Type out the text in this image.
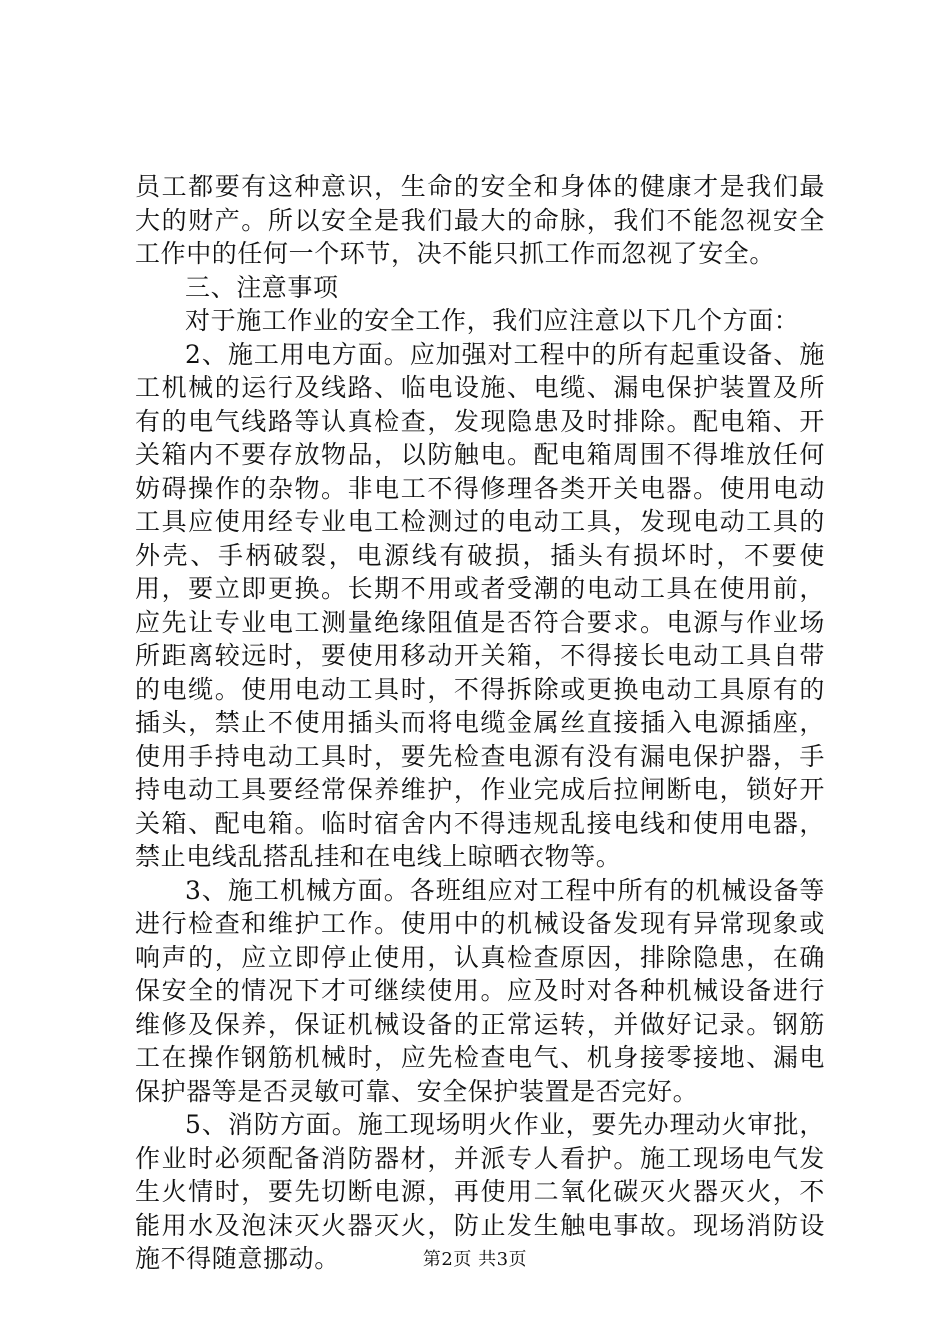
员工都要有这种意识，生命的安全和身体的健康才是我们最大的财产。所以安全是我们最大的命脉，我们不能忽视安全工作中的任何一个环节，决不能只抓工作而忽视了安全。

三、注意事项

对于施工作业的安全工作，我们应注意以下几个方面：

2、施工用电方面。应加强对工程中的所有起重设备、施工机械的运行及线路、临电设施、电缆、漏电保护装置及所有的电气线路等认真检查，发现隐患及时排除。配电箱、开关箱内不要存放物品，以防触电。配电箱周围不得堆放任何妨碍操作的杂物。非电工不得修理各类开关电器。使用电动工具应使用经专业电工检测过的电动工具，发现电动工具的外壳、手柄破裂，电源线有破损，插头有损坏时，不要使用，要立即更换。长期不用或者受潮的电动工具在使用前，应先让专业电工测量绝缘阻值是否符合要求。电源与作业场所距离较远时，要使用移动开关箱，不得接长电动工具自带的电缆。使用电动工具时，不得拆除或更换电动工具原有的插头，禁止不使用插头而将电缆金属丝直接插入电源插座，使用手持电动工具时，要先检查电源有没有漏电保护器，手持电动工具要经常保养维护，作业完成后拉闸断电，锁好开关箱、配电箱。临时宿舍内不得违规乱接电线和使用电器，禁止电线乱搭乱挂和在电线上晾晒衣物等。

3、施工机械方面。各班组应对工程中所有的机械设备等进行检查和维护工作。使用中的机械设备发现有异常现象或响声的，应立即停止使用，认真检查原因，排除隐患，在确保安全的情况下才可继续使用。应及时对各种机械设备进行维修及保养，保证机械设备的正常运转，并做好记录。钢筋工在操作钢筋机械时，应先检查电气、机身接零接地、漏电保护器等是否灵敏可靠、安全保护装置是否完好。

5、消防方面。施工现场明火作业，要先办理动火审批，作业时必须配备消防器材，并派专人看护。施工现场电气发生火情时，要先切断电源，再使用二氧化碳灭火器灭火，不能用水及泡沫灭火器灭火，防止发生触电事故。现场消防设施不得随意挪动。	第2页 共3页
